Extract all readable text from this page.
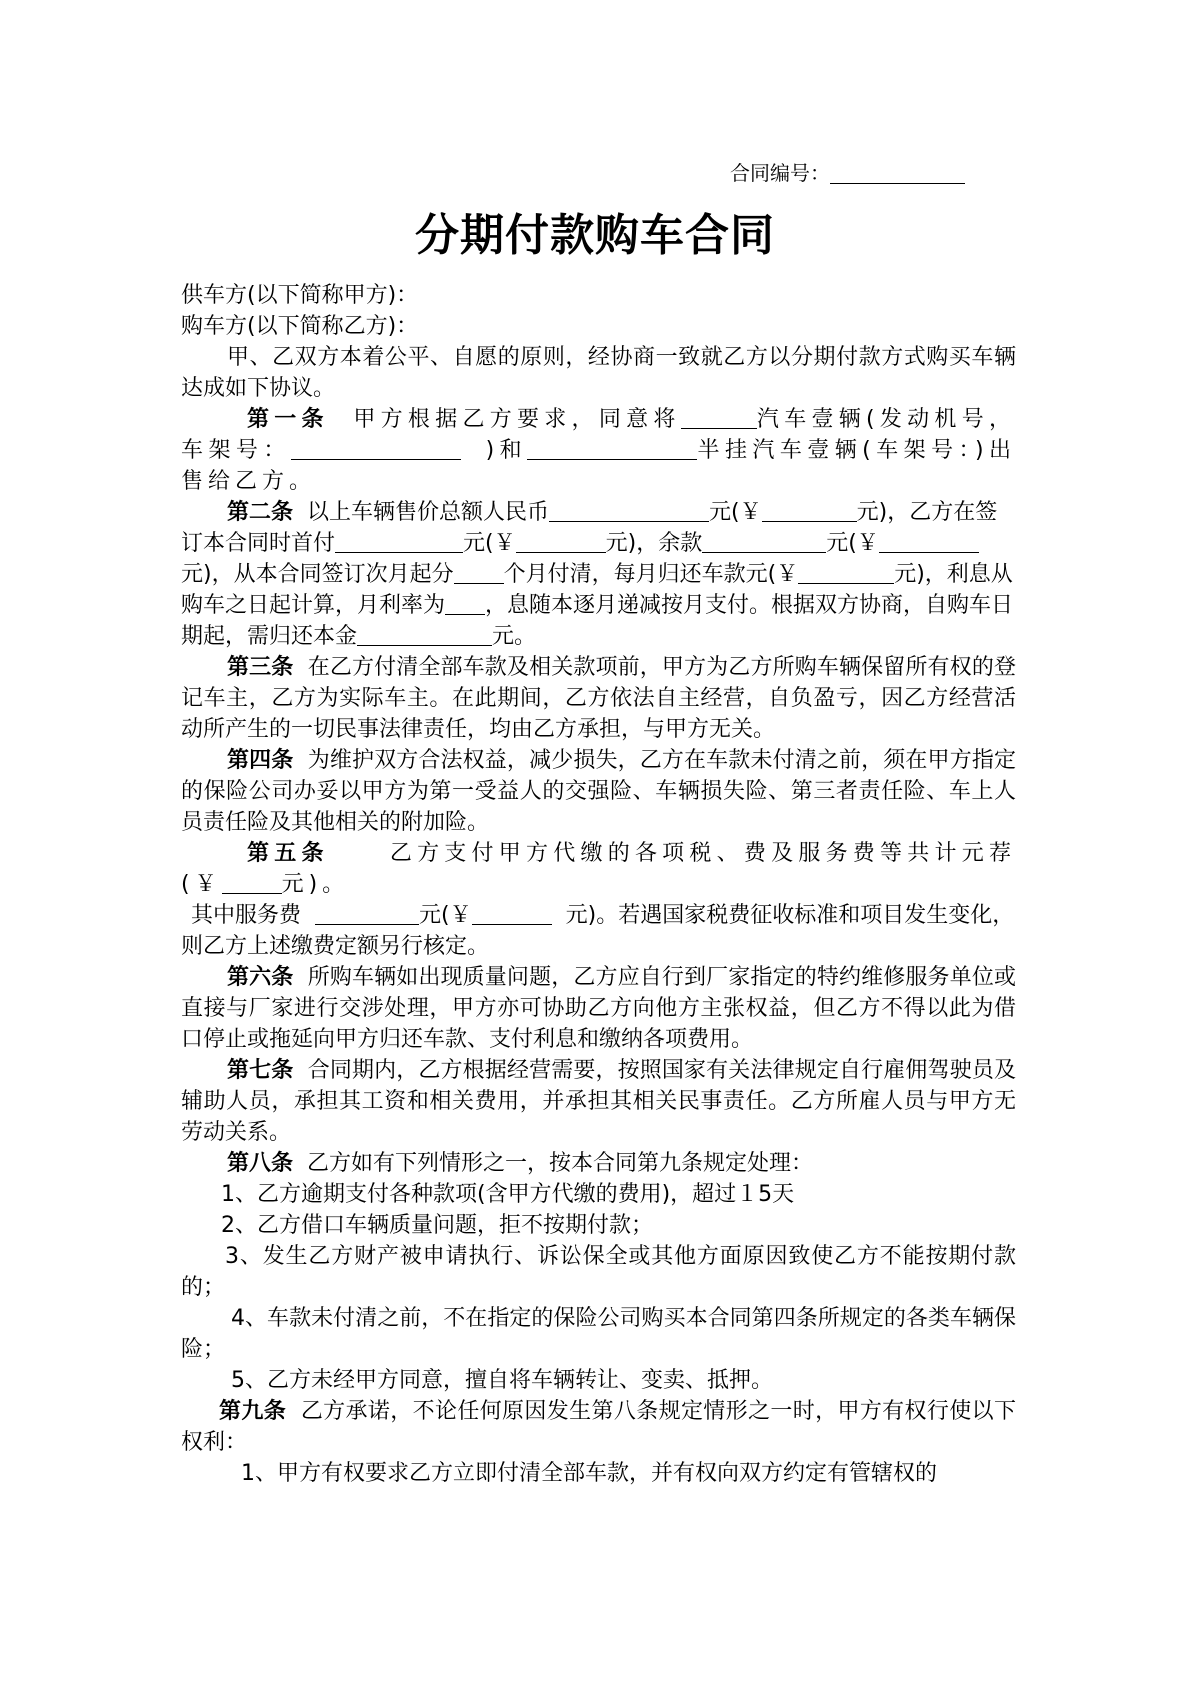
合同编号：
分期付款购车合同

供车方(以下简称甲方)：

购车方(以下简称乙方)：

甲、乙双方本着公平、自愿的原则，经协商一致就乙方以分期付款方式购买车辆达成如下协议。

第一条 甲方根据乙方要求，同意将	汽车壹辆(发动机号，车架号：	)和	半挂汽车壹辆(车架号：)出售给乙方。

第二条 以上车辆售价总额人民币	元(￥	元)，乙方在签订本合同时首付	元(￥	元)，余款	元(￥元)，从本合同签订次月起分 个月付清，每月归还车款元(￥	元)，利息从购车之日起计算，月利率为 ，息随本逐月递减按月支付。根据双方协商，自购车日期起，需归还本金	元。

第三条 在乙方付清全部车款及相关款项前，甲方为乙方所购车辆保留所有权的登记车主，乙方为实际车主。在此期间，乙方依法自主经营，自负盈亏，因乙方经营活动所产生的一切民事法律责任，均由乙方承担，与甲方无关。

第四条 为维护双方合法权益，减少损失，乙方在车款未付清之前，须在甲方指定的保险公司办妥以甲方为第一受益人的交强险、车辆损失险、第三者责任险、车上人员责任险及其他相关的附加险。

第五条	乙方支付甲方代缴的各项税、费及服务费等共计元荐(￥	元)。

其中服务费	元(￥	元)。若遇国家税费征收标准和项目发生变化，则乙方上述缴费定额另行核定。

第六条 所购车辆如出现质量问题，乙方应自行到厂家指定的特约维修服务单位或直接与厂家进行交涉处理，甲方亦可协助乙方向他方主张权益，但乙方不得以此为借口停止或拖延向甲方归还车款、支付利息和缴纳各项费用。

第七条 合同期内，乙方根据经营需要，按照国家有关法律规定自行雇佣驾驶员及辅助人员，承担其工资和相关费用，并承担其相关民事责任。乙方所雇人员与甲方无劳动关系。

第八条 乙方如有下列情形之一，按本合同第九条规定处理：

1、乙方逾期支付各种款项(含甲方代缴的费用)，超过１5天

2、乙方借口车辆质量问题，拒不按期付款；

3、发生乙方财产被申请执行、诉讼保全或其他方面原因致使乙方不能按期付款的；

4、车款未付清之前，不在指定的保险公司购买本合同第四条所规定的各类车辆保险；

5、乙方未经甲方同意，擅自将车辆转让、变卖、抵押。

第九条 乙方承诺，不论任何原因发生第八条规定情形之一时，甲方有权行使以下权利：

1、甲方有权要求乙方立即付清全部车款，并有权向双方约定有管辖权的
